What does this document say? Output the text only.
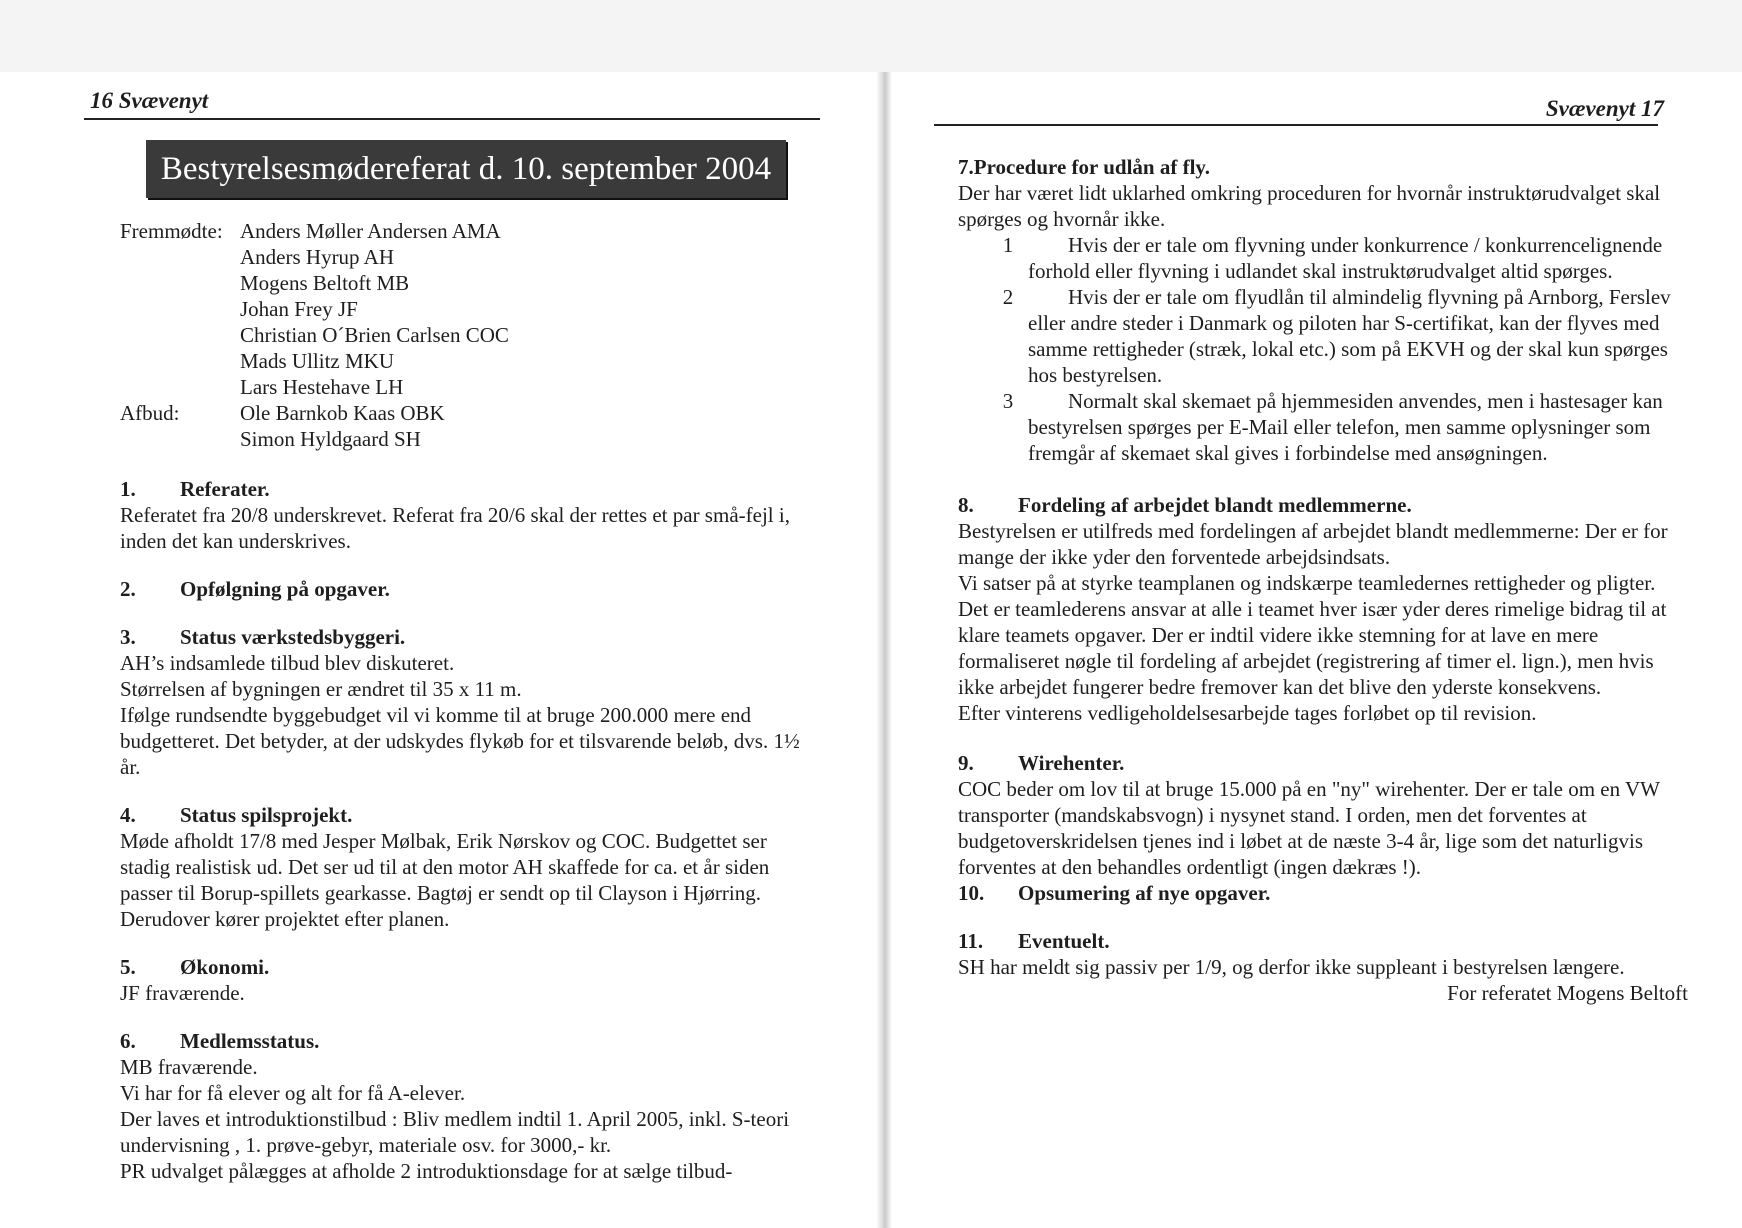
16 Svævenyt
Bestyrelsesmødereferat d. 10. september 2004
Fremmødte: Anders Møller Andersen AMA
Anders Hyrup AH
Mogens Beltoft MB
Johan Frey JF
Christian O´Brien Carlsen COC
Mads Ullitz MKU
Lars Hestehave LH
Afbud:	Ole Barnkob Kaas OBK
Simon Hyldgaard SH
1.	Referater.

Referatet fra 20/8 underskrevet. Referat fra 20/6 skal der rettes et par små-fejl i, inden det kan underskrives.

2.	Opfølgning på opgaver.
3.	Status værkstedsbyggeri.

AH’s indsamlede tilbud blev diskuteret.

Størrelsen af bygningen er ændret til 35 x 11 m.

Ifølge rundsendte byggebudget vil vi komme til at bruge 200.000 mere end budgetteret. Det betyder, at der udskydes flykøb for et tilsvarende beløb, dvs. 1½ år.

4.	Status spilsprojekt.

Møde afholdt 17/8 med Jesper Mølbak, Erik Nørskov og COC. Budgettet ser stadig realistisk ud. Det ser ud til at den motor AH skaffede for ca. et år siden passer til Borup-spillets gearkasse. Bagtøj er sendt op til Clayson i Hjørring. Derudover kører projektet efter planen.

5.	Økonomi.

JF fraværende.

6.	Medlemsstatus.

MB fraværende.

Vi har for få elever og alt for få A-elever.

Der laves et introduktionstilbud : Bliv medlem indtil 1. April 2005, inkl. S-teori undervisning , 1. prøve-gebyr, materiale osv. for 3000,- kr.

PR udvalget pålægges at afholde 2 introduktionsdage for at sælge tilbud-

Svævenyt 17
7.Procedure for udlån af fly.

Der har været lidt uklarhed omkring proceduren for hvornår instruktørudvalget skal spørges og hvornår ikke.

1	Hvis der er tale om flyvning under konkurrence / konkurrencelignende forhold eller flyvning i udlandet skal instruktørudvalget altid spørges.
2	Hvis der er tale om flyudlån til almindelig flyvning på Arnborg, Ferslev eller andre steder i Danmark og piloten har S-certifikat, kan der flyves med samme rettigheder (stræk, lokal etc.) som på EKVH og der skal kun spørges hos bestyrelsen.
3	Normalt skal skemaet på hjemmesiden anvendes, men i hastesager kan bestyrelsen spørges per E-Mail eller telefon, men samme oplysninger som fremgår af skemaet skal gives i forbindelse med ansøgningen.
8.	Fordeling af arbejdet blandt medlemmerne.

Bestyrelsen er utilfreds med fordelingen af arbejdet blandt medlemmerne: Der er for mange der ikke yder den forventede arbejdsindsats.

Vi satser på at styrke teamplanen og indskærpe teamledernes rettigheder og pligter. Det er teamlederens ansvar at alle i teamet hver især yder deres rimelige bidrag til at klare teamets opgaver. Der er indtil videre ikke stemning for at lave en mere formaliseret nøgle til fordeling af arbejdet (registrering af timer el. lign.), men hvis ikke arbejdet fungerer bedre fremover kan det blive den yderste konsekvens.

Efter vinterens vedligeholdelsesarbejde tages forløbet op til revision.

9.	Wirehenter.

COC beder om lov til at bruge 15.000 på en "ny" wirehenter. Der er tale om en VW transporter (mandskabsvogn) i nysynet stand. I orden, men det forventes at budgetoverskridelsen tjenes ind i løbet at de næste 3-4 år, lige som det naturligvis forventes at den behandles ordentligt (ingen dækræs !).

10.	Opsumering af nye opgaver.
11.	Eventuelt.

SH har meldt sig passiv per 1/9, og derfor ikke suppleant i bestyrelsen længere.

For referatet Mogens Beltoft
